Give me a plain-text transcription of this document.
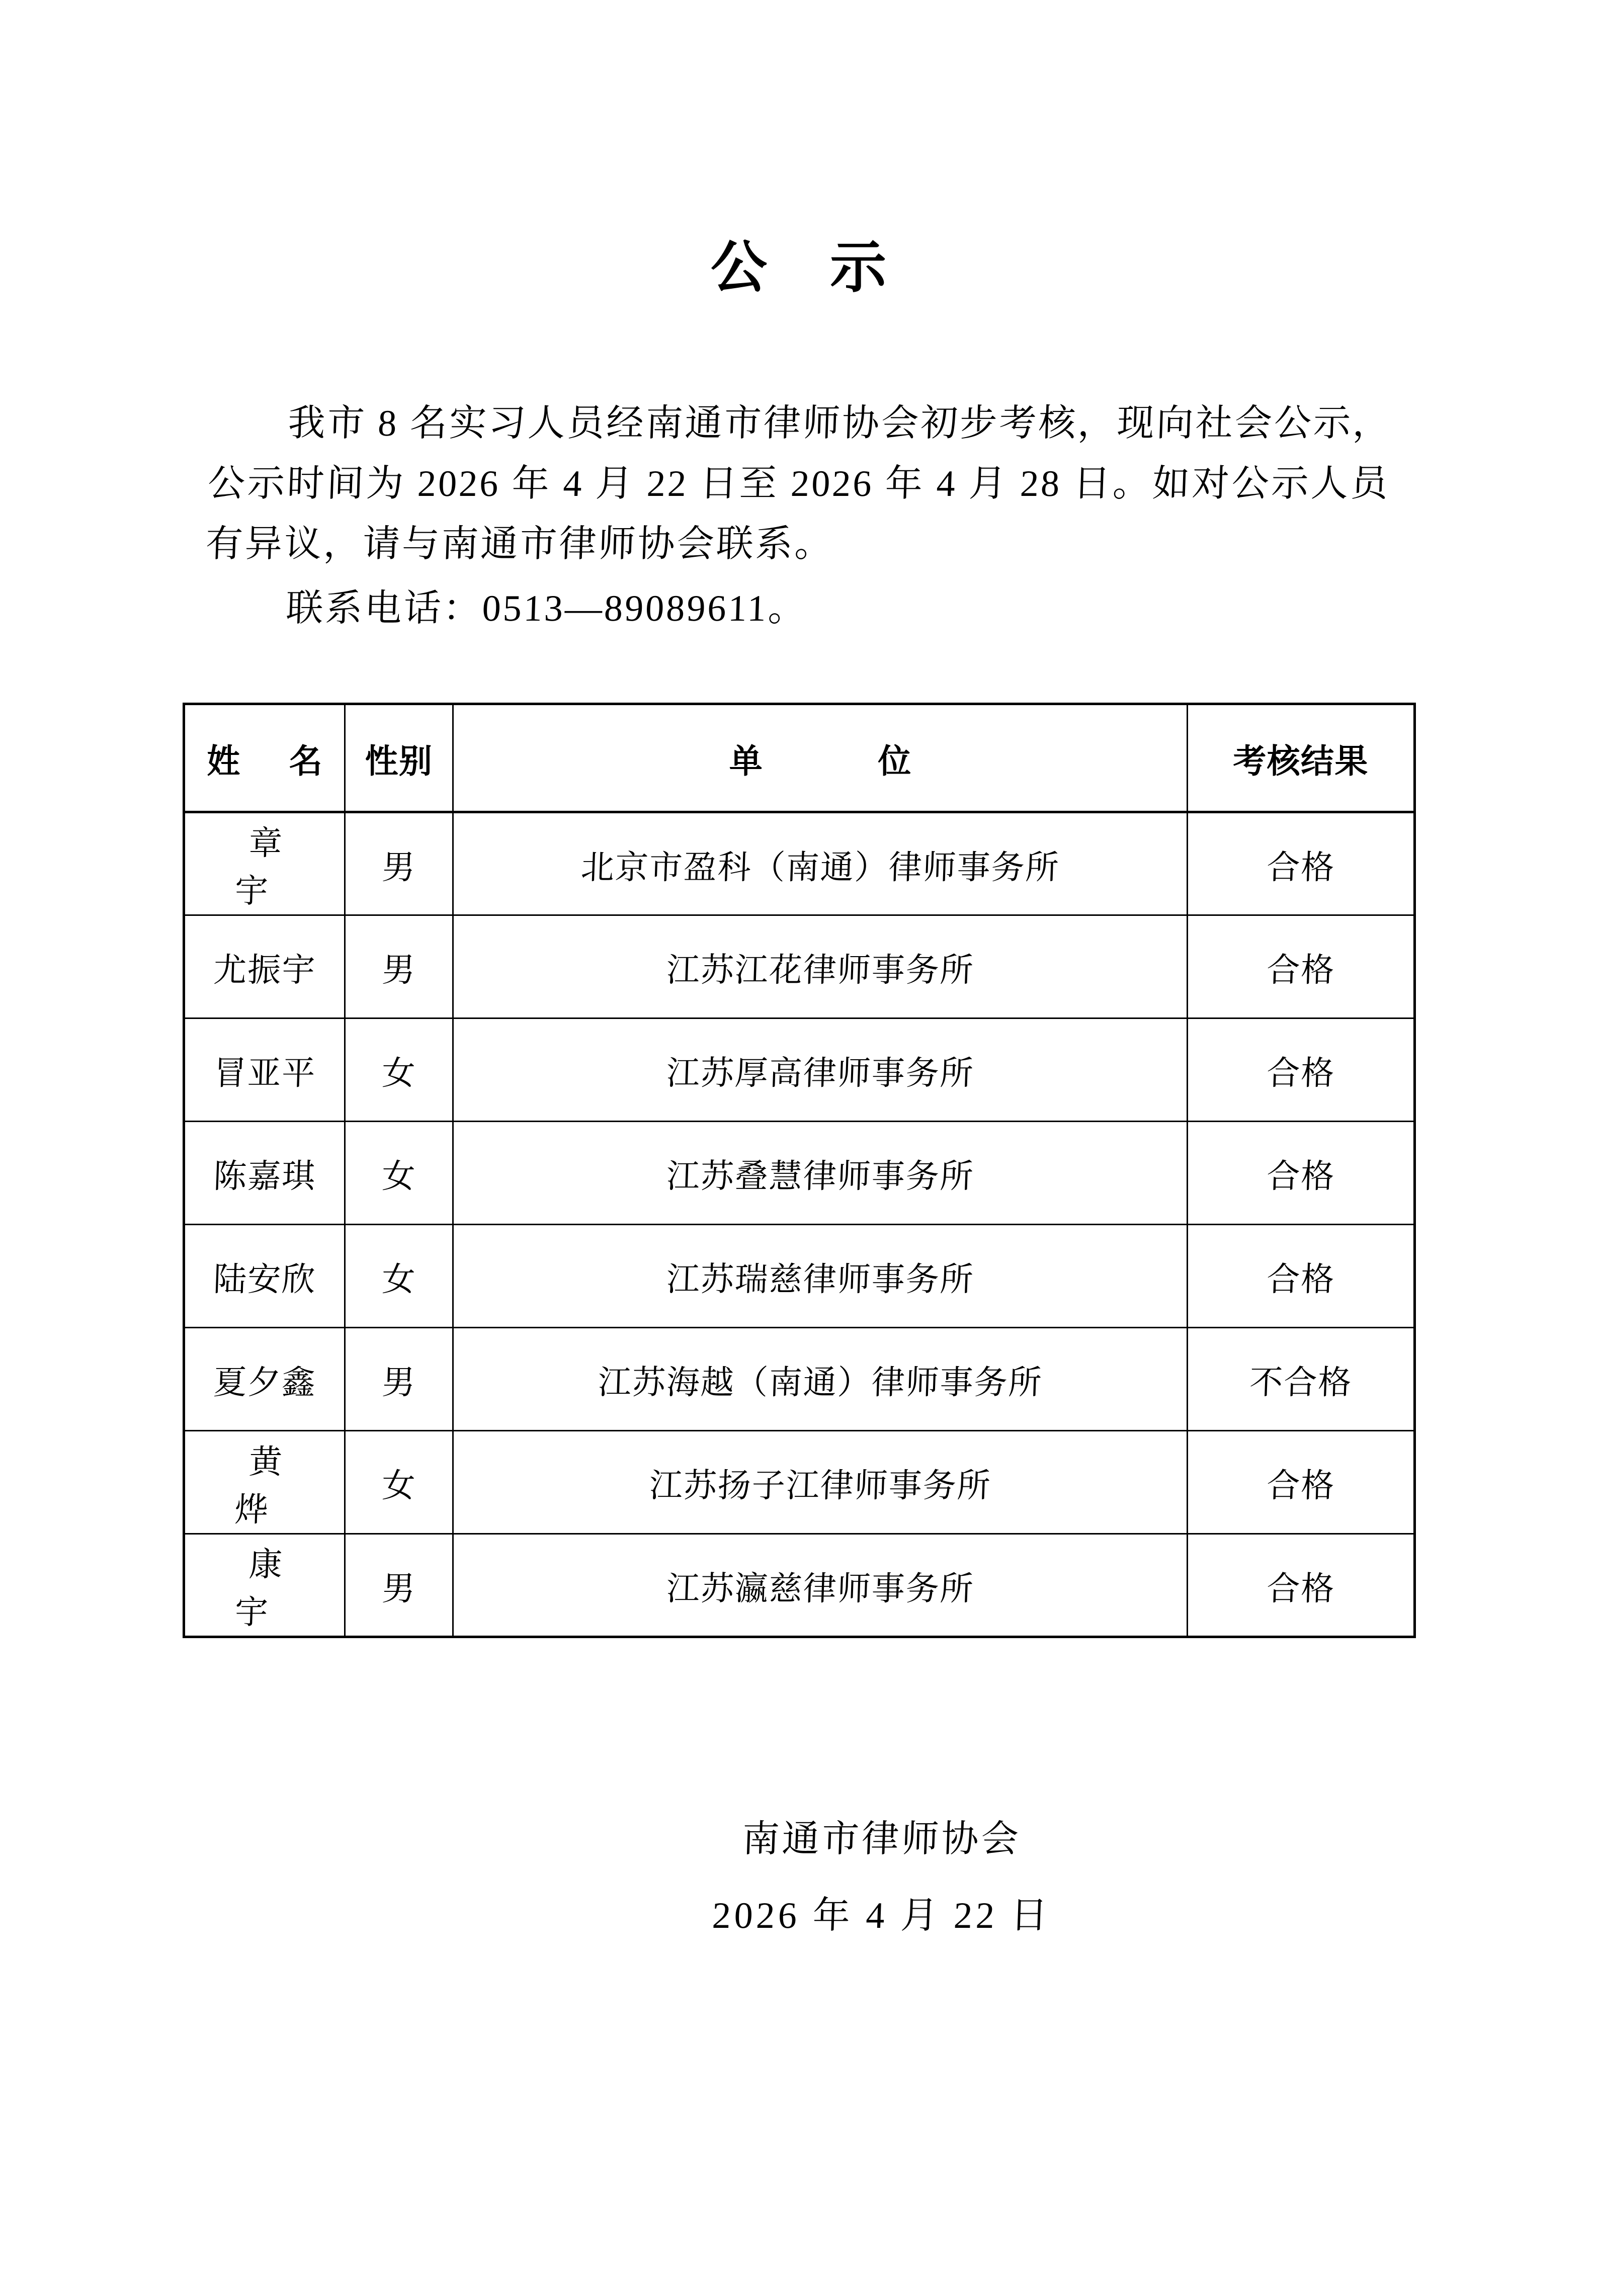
公 示

我市 8 名实习人员经南通市律师协会初步考核，现向社会公示，公示时间为 2026 年 4 月 22 日至 2026 年 4 月 28 日。如对公示人员有异议，请与南通市律师协会联系。

联系电话：0513—89089611。

姓 名	性别	单 位	考核结果
章 宇	男	北京市盈科（南通）律师事务所	合格
尤振宇	男	江苏江花律师事务所	合格
冒亚平	女	江苏厚高律师事务所	合格
陈嘉琪	女	江苏叠慧律师事务所	合格
陆安欣	女	江苏瑞慈律师事务所	合格
夏夕鑫	男	江苏海越（南通）律师事务所	不合格
黄 烨	女	江苏扬子江律师事务所	合格
康 宇	男	江苏瀛慈律师事务所	合格
南通市律师协会
2026 年 4 月 22 日
